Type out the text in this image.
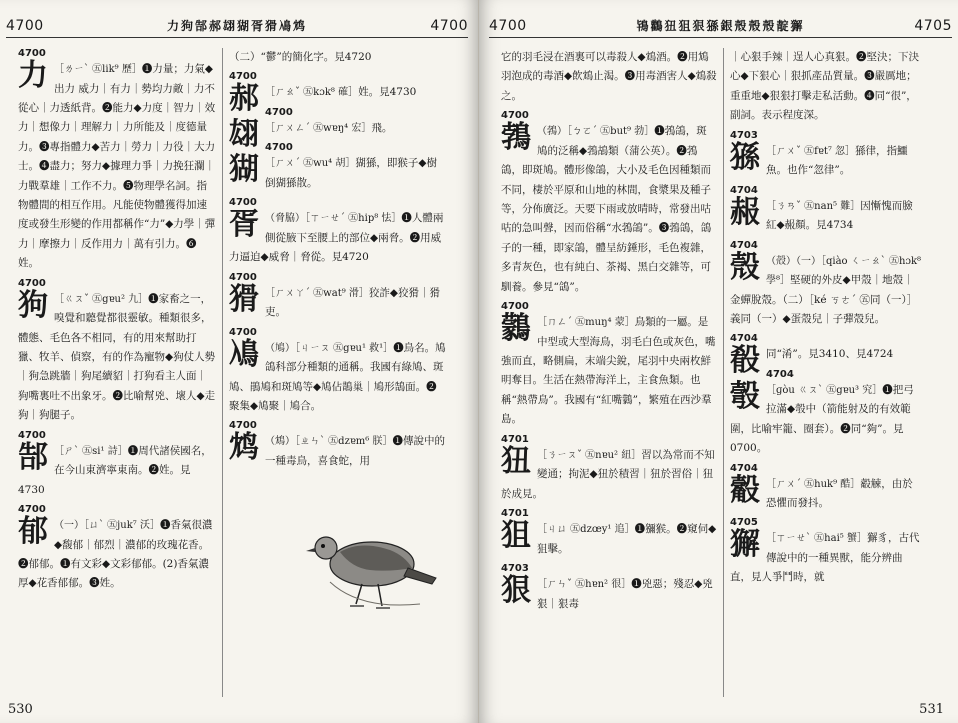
4700	力狗郜郝翃猢胥猾鳰鸩	4700
4700
力 ［ㄌㄧˋ ㊄lik⁹ 歷］❶力量；力氣◆出力 威力｜有力｜勢均力敵｜力不從心｜力透紙背。❷能力◆力度｜智力｜效力｜想像力｜理解力｜力所能及｜度德量力。❸專指體力◆苦力｜勞力｜力役｜大力士。❹盡力；努力◆據理力爭｜力挽狂瀾｜力戰羣雄｜工作不力。❺物理學名詞。指物體間的相互作用。凡能使物體獲得加速度或發生形變的作用都稱作“力”◆力學｜彈力｜摩擦力｜反作用力｜萬有引力。❻姓。
4700
狗 ［ㄍㄡˇ ㊄gɐu² 九］❶家畜之一，嗅覺和聽覺都很靈敏。種類很多，體態、毛色各不相同，有的用來幫助打獵、牧羊、偵察，有的作為寵物◆狗仗人勢｜狗急跳牆｜狗尾續貂｜打狗看主人面｜狗嘴裏吐不出象牙。❷比喻幫兇、壞人◆走狗｜狗腿子。
4700
郜 ［ㄕˋ ㊄si¹ 詩］❶周代諸侯國名，在今山東濟寧東南。❷姓。見4730
4700
郁 （一）［ㄩˋ ㊄juk⁷ 沃］❶香氣很濃◆馥郁｜郁烈｜濃郁的玫瑰花香。❷郁郁。❶有文彩◆文彩郁郁。(2)香氣濃厚◆花香郁郁。❸姓。
（二）“鬱”的簡化字。見4720
4700
郝 ［ㄏㄠˇ ㊄kɔk⁸ 確］姓。見4730
4700
翃 ［ㄏㄨㄥˊ ㊄wɐŋ⁴ 宏］飛。
4700
猢 ［ㄏㄨˊ ㊄wu⁴ 胡］猢猻，即猴子◆樹倒猢猻散。
4700
胥 （脅脇）［ㄒㄧㄝˊ ㊄hip⁸ 怯］❶人體兩側從腋下至腰上的部位◆兩脅。❷用威力逼迫◆威脅｜脅從。見4720
4700
猾 ［ㄏㄨㄚˊ ㊄wat⁹ 滑］狡詐◆狡猾｜猾吏。
4700
鳰 （鳩）［ㄐㄧㄡ ㊄gɐu¹ 救¹］❶鳥名。鳩鴿科部分種類的通稱。我國有綠鳩、斑鳩、鵑鳩和斑鳩等◆鳩佔鵲巢｜鳩形鵠面。❷聚集◆鳩聚｜鳩合。
4700
鸩 （鴆）［ㄓㄣˋ ㊄dzɐm⁶ 朕］❶傳說中的一種毒鳥，喜食蛇，用
530
4700	鴇鸛狃狙狠猻銀殼殼殼靛獬	4705
它的羽毛浸在酒裏可以毒殺人◆鴆酒。❷用鴆羽泡成的毒酒◆飲鴆止渴。❸用毒酒害人◆鴆殺之。
4700
鵓 （鵓）［ㄅㄛˊ ㊄but⁹ 勃］❶鵓鴿，斑鳩的泛稱◆鵓鴣類（蒲公英）。❷鵓鴿，即斑鳩。體形像鴿，大小及毛色因種類而不同，棲於平原和山地的林間，食漿果及種子等，分佈廣泛。天要下雨或放晴時，常發出咕咕的急叫聲，因而俗稱“水鵓鴿”。❸鵓鴿，鴿子的一種，即家鴿，體呈紡錘形，毛色複雜，多青灰色，也有純白、茶褐、黑白交雜等，可馴養。參見“鴿”。
4700
鸏 ［ㄇㄥˊ ㊄muŋ⁴ 蒙］鳥類的一屬。是中型或大型海鳥，羽毛白色或灰色，嘴強而直，略側扁，末端尖銳，尾羽中央兩枚鮮明奪目。生活在熱帶海洋上，主食魚類。也稱“熱帶鳥”。我國有“紅嘴鸏”，繁殖在西沙羣島。
4701
狃 ［ㄋㄧㄡˇ ㊄nɐu² 紐］習以為常而不知變通；拘泥◆狃於積習｜狃於習俗｜狃於成見。
4701
狙 ［ㄐㄩ ㊄dzœy¹ 追］❶獼猴。❷窺伺◆狙擊。
4703
狠 ［ㄏㄣˇ ㊄hɐn² 很］❶兇惡；殘忍◆兇狠｜狠毒
｜心狠手辣｜逞人心真狠。❷堅決；下決心◆下狠心｜狠抓產品質量。❸嚴厲地；重重地◆狠狠打擊走私活動。❹同“很”，副詞。表示程度深。
4703
猻 ［ㄏㄨˇ ㊄fɐt⁷ 忽］猻律，指鱷魚。也作“忽律”。
4704
赧 ［ㄋㄢˇ ㊄nan⁵ 難］因慚愧而臉紅◆赧顏。見4734
4704
殼 （殻）（一）［qiào ㄑㄧㄠˋ ㊄hɔk⁸ 學⁸］堅硬的外皮◆甲殼｜地殼｜金蟬脫殼。（二）［ké ㄎㄜˊ ㊄同（一）］義同（一）◆蛋殼兒｜子彈殼兒。
4704
殽 同“淆”。見3410、見4724
4704
彀 ［ɡòu ㄍㄡˋ ㊄gɐu³ 究］❶把弓拉滿◆彀中（箭能射及的有效範圍，比喻牢籠、圈套）。❷同“夠”。見0700。
4704
觳 ［ㄏㄨˊ ㊄huk⁹ 酷］觳觫，由於恐懼而發抖。
4705
獬 ［ㄒㄧㄝˋ ㊄hai⁵ 蟹］獬豸，古代傳說中的一種異獸，能分辨曲直，見人爭鬥時，就
531
